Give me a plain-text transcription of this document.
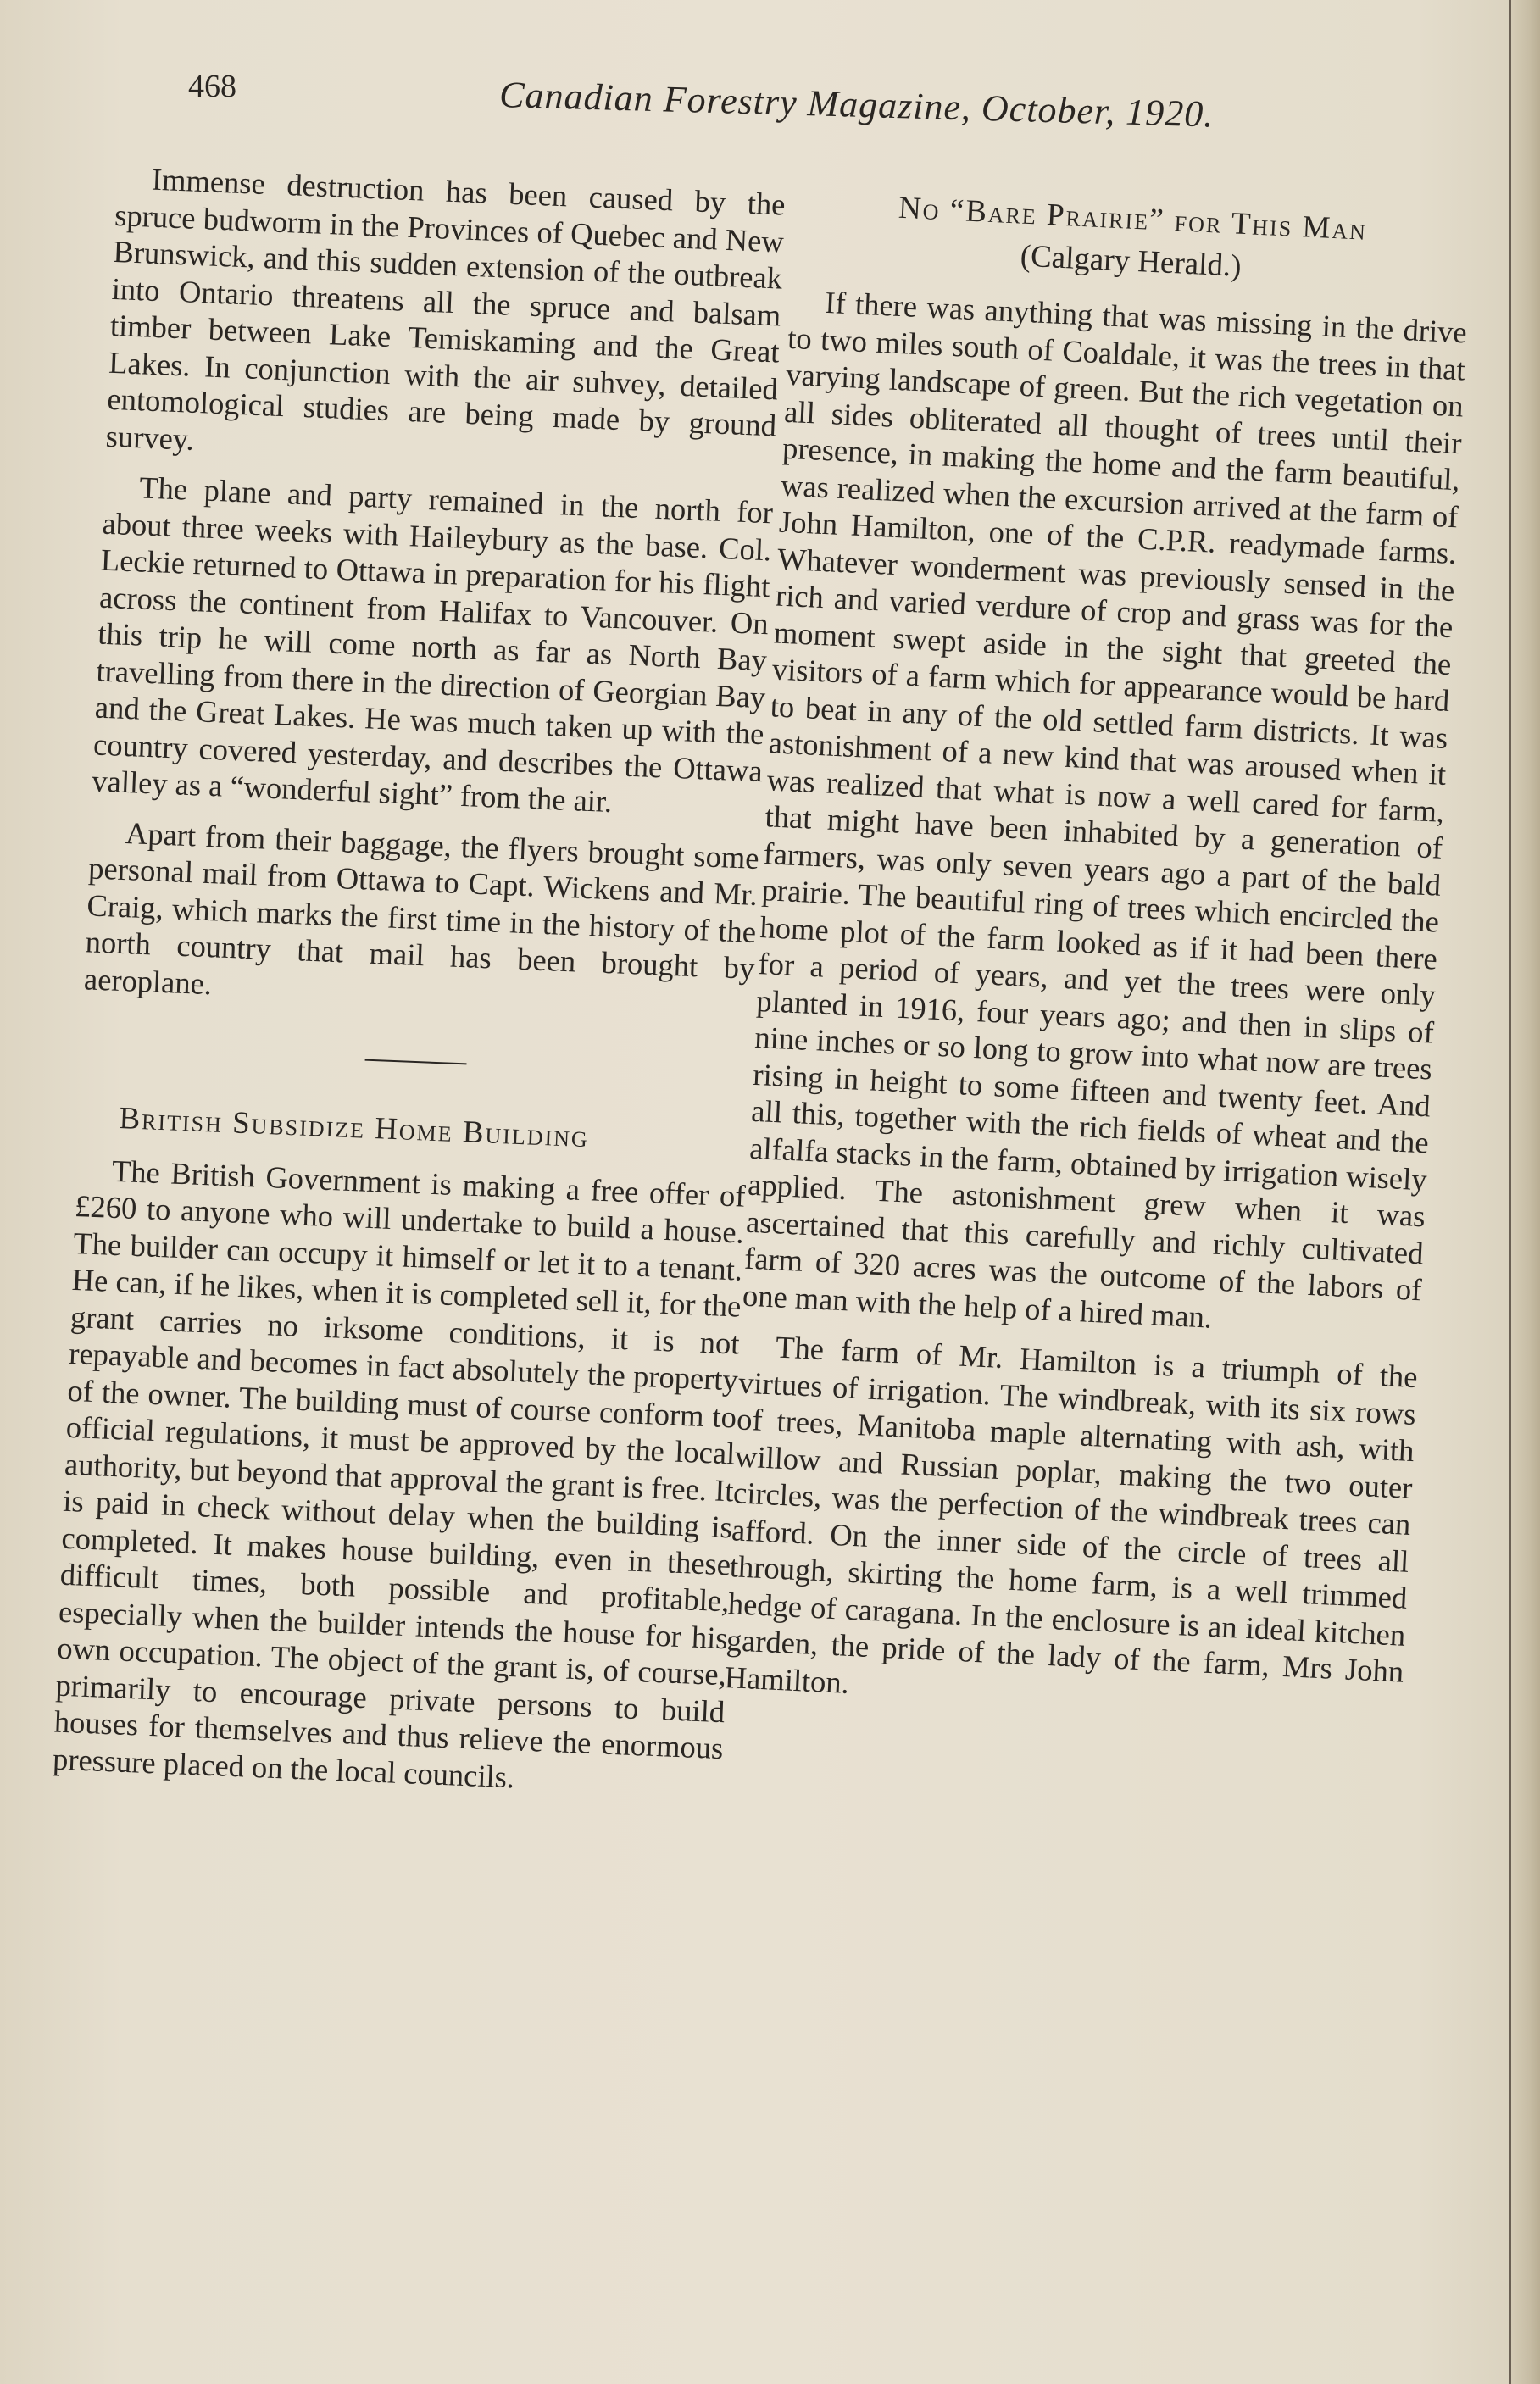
468	Canadian Forestry Magazine, October, 1920.

Immense destruction has been caused by the spruce budworm in the Provinces of Quebec and New Brunswick, and this sudden extension of the outbreak into Ontario threatens all the spruce and balsam timber between Lake Temiskaming and the Great Lakes. In conjunction with the air suhvey, detailed entomological studies are being made by ground survey.

The plane and party remained in the north for about three weeks with Haileybury as the base. Col. Leckie returned to Ottawa in preparation for his flight across the continent from Halifax to Vancouver. On this trip he will come north as far as North Bay travelling from there in the direction of Georgian Bay and the Great Lakes. He was much taken up with the country covered yesterday, and describes the Ottawa valley as a “wonderful sight” from the air.

Apart from their baggage, the flyers brought some personal mail from Ottawa to Capt. Wickens and Mr. Craig, which marks the first time in the history of the north country that mail has been brought by aeroplane.

British Subsidize Home Building

The British Government is making a free offer of £260 to anyone who will undertake to build a house. The builder can occupy it himself or let it to a tenant. He can, if he likes, when it is completed sell it, for the grant carries no irksome conditions, it is not repayable and becomes in fact absolutely the property of the owner. The building must of course conform to official regulations, it must be approved by the local authority, but beyond that approval the grant is free. It is paid in check without delay when the building is completed. It makes house building, even in these difficult times, both possible and profitable, especially when the builder intends the house for his own occupation. The object of the grant is, of course, primarily to encourage private persons to build houses for themselves and thus relieve the enormous pressure placed on the local councils.

No “Bare Prairie” for This Man
(Calgary Herald.)

If there was anything that was missing in the drive to two miles south of Coaldale, it was the trees in that varying landscape of green. But the rich vegetation on all sides obliterated all thought of trees until their presence, in making the home and the farm beautiful, was realized when the excursion arrived at the farm of John Hamilton, one of the C.P.R. readymade farms. Whatever wonderment was previously sensed in the rich and varied verdure of crop and grass was for the moment swept aside in the sight that greeted the visitors of a farm which for appearance would be hard to beat in any of the old settled farm districts. It was astonishment of a new kind that was aroused when it was realized that what is now a well cared for farm, that might have been inhabited by a generation of farmers, was only seven years ago a part of the bald prairie. The beautiful ring of trees which encircled the home plot of the farm looked as if it had been there for a period of years, and yet the trees were only planted in 1916, four years ago; and then in slips of nine inches or so long to grow into what now are trees rising in height to some fifteen and twenty feet. And all this, together with the rich fields of wheat and the alfalfa stacks in the farm, obtained by irrigation wisely applied. The astonishment grew when it was ascertained that this carefully and richly cultivated farm of 320 acres was the outcome of the labors of one man with the help of a hired man.

The farm of Mr. Hamilton is a triumph of the virtues of irrigation. The windbreak, with its six rows of trees, Manitoba maple alternating with ash, with willow and Russian poplar, making the two outer circles, was the perfection of the windbreak trees can afford. On the inner side of the circle of trees all through, skirting the home farm, is a well trimmed hedge of caragana. In the enclosure is an ideal kitchen garden, the pride of the lady of the farm, Mrs John Hamilton.
